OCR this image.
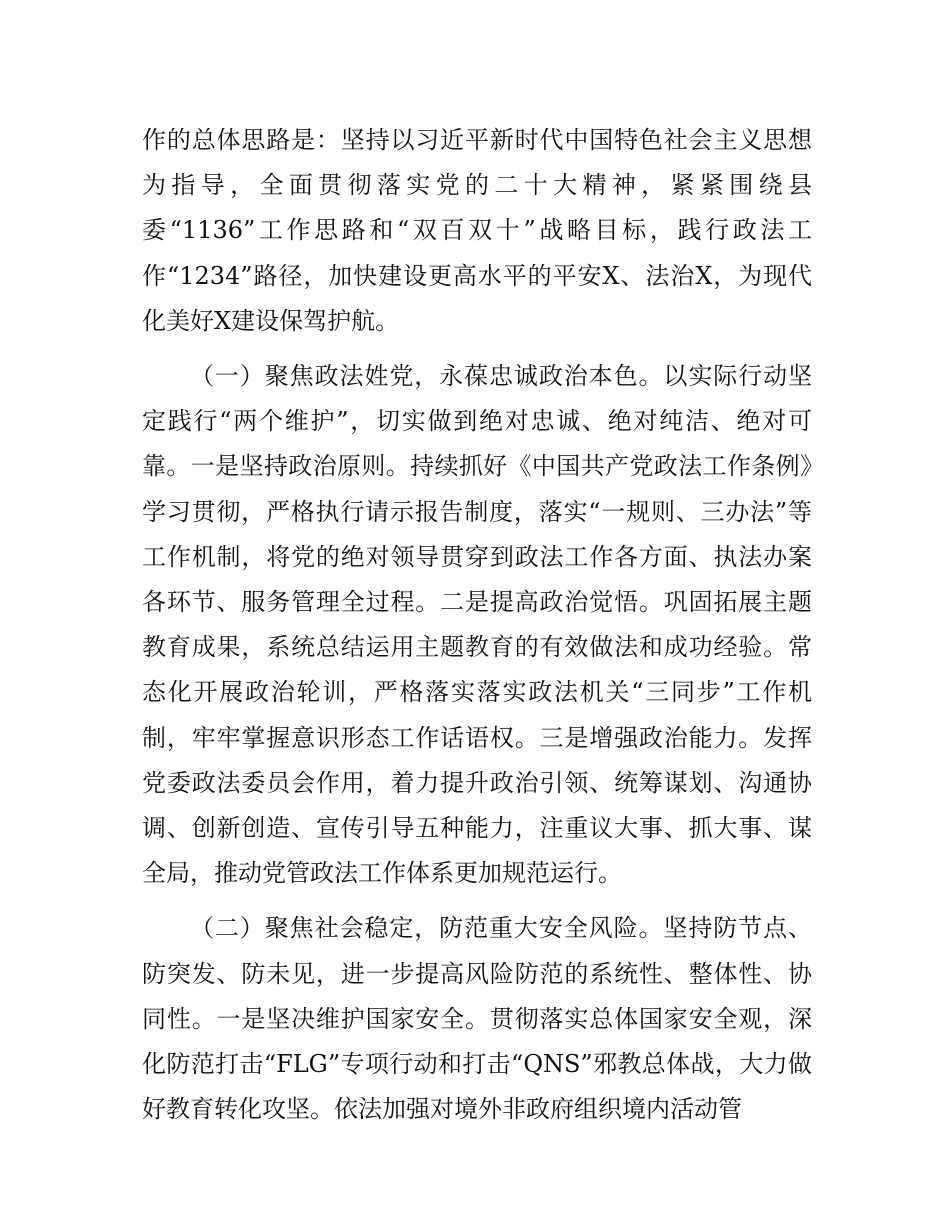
作的总体思路是：坚持以习近平新时代中国特色社会主义思想为指导，全面贯彻落实党的二十大精神，紧紧围绕县委“1136”工作思路和“双百双十”战略目标，践行政法工作“1234”路径，加快建设更高水平的平安X、法治X，为现代化美好X建设保驾护航。

（一）聚焦政法姓党，永葆忠诚政治本色。以实际行动坚定践行“两个维护”，切实做到绝对忠诚、绝对纯洁、绝对可靠。一是坚持政治原则。持续抓好《中国共产党政法工作条例》学习贯彻，严格执行请示报告制度，落实“一规则、三办法”等工作机制，将党的绝对领导贯穿到政法工作各方面、执法办案各环节、服务管理全过程。二是提高政治觉悟。巩固拓展主题教育成果，系统总结运用主题教育的有效做法和成功经验。常态化开展政治轮训，严格落实落实政法机关“三同步”工作机制，牢牢掌握意识形态工作话语权。三是增强政治能力。发挥党委政法委员会作用，着力提升政治引领、统筹谋划、沟通协调、创新创造、宣传引导五种能力，注重议大事、抓大事、谋全局，推动党管政法工作体系更加规范运行。

（二）聚焦社会稳定，防范重大安全风险。坚持防节点、防突发、防未见，进一步提高风险防范的系统性、整体性、协同性。一是坚决维护国家安全。贯彻落实总体国家安全观，深化防范打击“FLG”专项行动和打击“QNS”邪教总体战，大力做好教育转化攻坚。依法加强对境外非政府组织境内活动管
